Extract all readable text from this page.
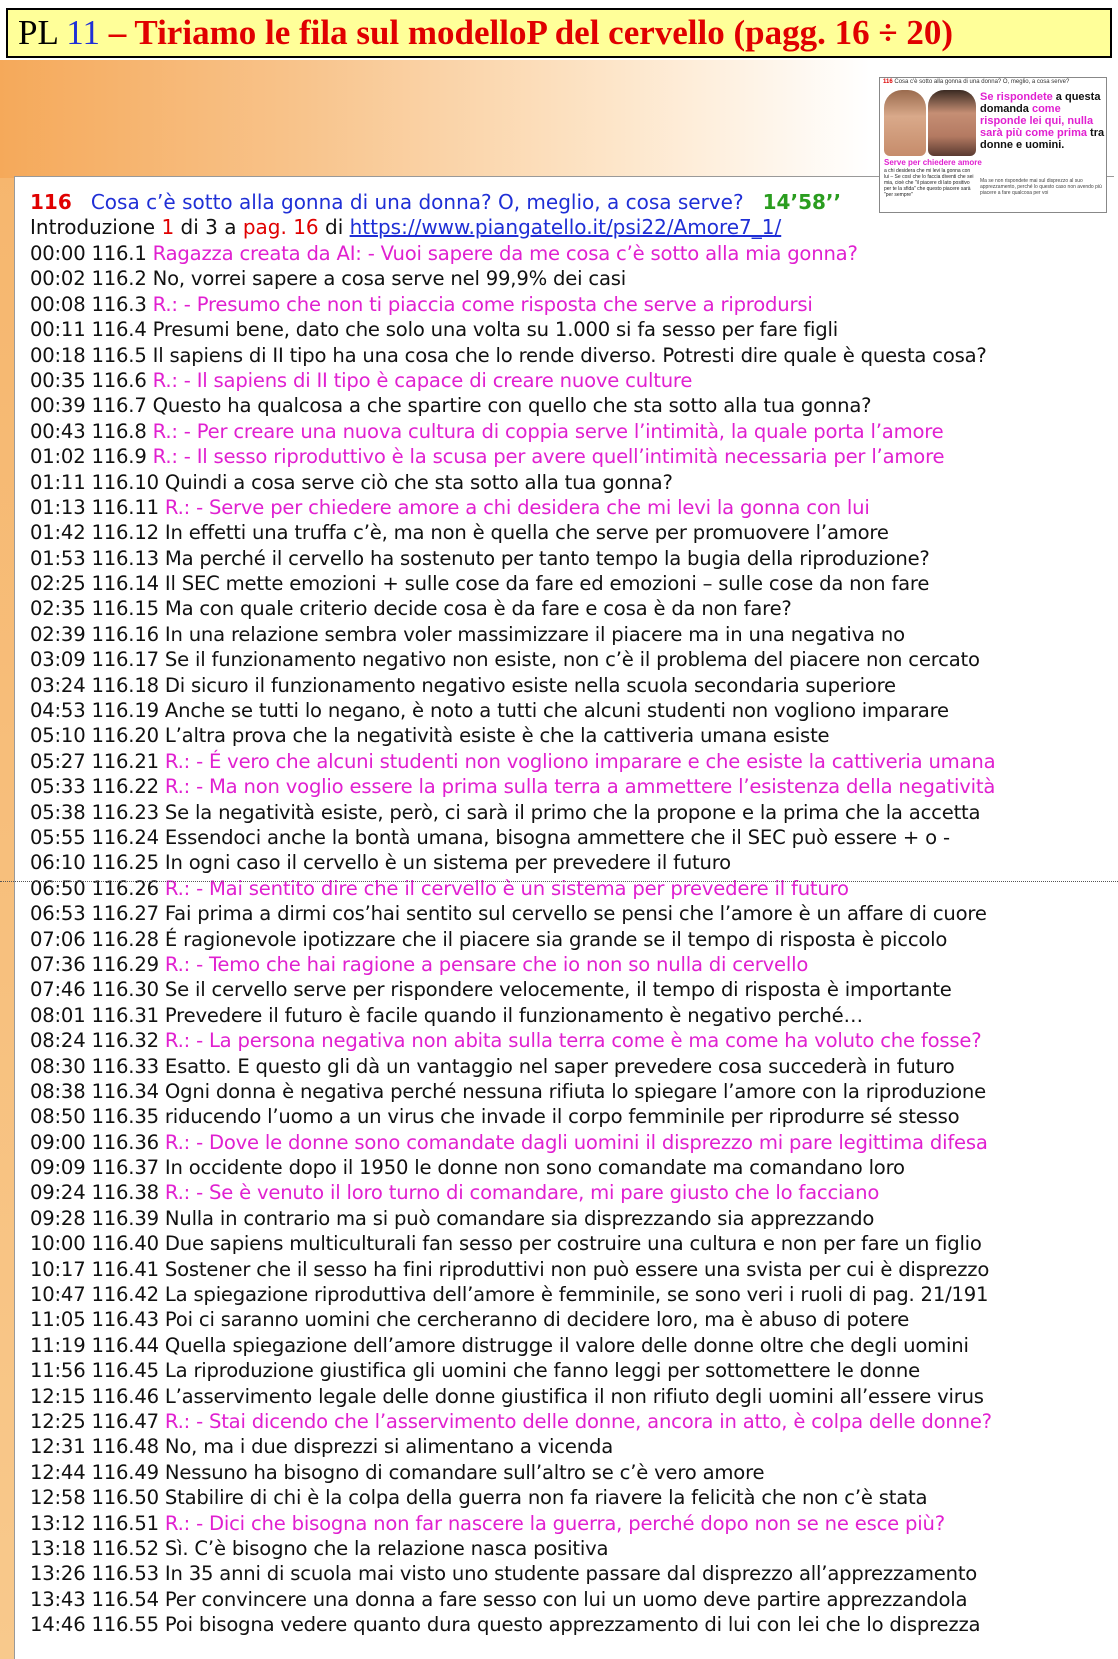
PL 11 – Tiriamo le fila sul modelloP del cervello (pagg. 16 ÷ 20)
116 Cosa c'è sotto alla gonna di una donna? O, meglio, a cosa serve?
Se rispondete a questa domanda come risponde lei qui, nulla sarà più come prima tra donne e uomini.
Serve per chiedere amore
a chi desidera che mi levi la gonna con lui – Se così che lo faccia diventi che sei mia, cioè che "il piacere di lato positivo per te la sfida" che questo piacere sarà "per sempre"
Ma se non rispondete mai sul disprezzo al suo apprezzamento, perché lo questo caso non avendo più piacere a fare qualcosa per voi
116 Cosa c’è sotto alla gonna di una donna? O, meglio, a cosa serve? 14’58’’
Introduzione 1 di 3 a pag. 16 di https://www.piangatello.it/psi22/Amore7_1/
00:00 116.1 Ragazza creata da AI: - Vuoi sapere da me cosa c’è sotto alla mia gonna?
00:02 116.2 No, vorrei sapere a cosa serve nel 99,9% dei casi
00:08 116.3 R.: - Presumo che non ti piaccia come risposta che serve a riprodursi
00:11 116.4 Presumi bene, dato che solo una volta su 1.000 si fa sesso per fare figli
00:18 116.5 Il sapiens di II tipo ha una cosa che lo rende diverso. Potresti dire quale è questa cosa?
00:35 116.6 R.: - Il sapiens di II tipo è capace di creare nuove culture
00:39 116.7 Questo ha qualcosa a che spartire con quello che sta sotto alla tua gonna?
00:43 116.8 R.: - Per creare una nuova cultura di coppia serve l’intimità, la quale porta l’amore
01:02 116.9 R.: - Il sesso riproduttivo è la scusa per avere quell’intimità necessaria per l’amore
01:11 116.10 Quindi a cosa serve ciò che sta sotto alla tua gonna?
01:13 116.11 R.: - Serve per chiedere amore a chi desidera che mi levi la gonna con lui
01:42 116.12 In effetti una truffa c’è, ma non è quella che serve per promuovere l’amore
01:53 116.13 Ma perché il cervello ha sostenuto per tanto tempo la bugia della riproduzione?
02:25 116.14 Il SEC mette emozioni + sulle cose da fare ed emozioni – sulle cose da non fare
02:35 116.15 Ma con quale criterio decide cosa è da fare e cosa è da non fare?
02:39 116.16 In una relazione sembra voler massimizzare il piacere ma in una negativa no
03:09 116.17 Se il funzionamento negativo non esiste, non c’è il problema del piacere non cercato
03:24 116.18 Di sicuro il funzionamento negativo esiste nella scuola secondaria superiore
04:53 116.19 Anche se tutti lo negano, è noto a tutti che alcuni studenti non vogliono imparare
05:10 116.20 L’altra prova che la negatività esiste è che la cattiveria umana esiste
05:27 116.21 R.: - É vero che alcuni studenti non vogliono imparare e che esiste la cattiveria umana
05:33 116.22 R.: - Ma non voglio essere la prima sulla terra a ammettere l’esistenza della negatività
05:38 116.23 Se la negatività esiste, però, ci sarà il primo che la propone e la prima che la accetta
05:55 116.24 Essendoci anche la bontà umana, bisogna ammettere che il SEC può essere + o -
06:10 116.25 In ogni caso il cervello è un sistema per prevedere il futuro
06:50 116.26 R.: - Mai sentito dire che il cervello è un sistema per prevedere il futuro
06:53 116.27 Fai prima a dirmi cos’hai sentito sul cervello se pensi che l’amore è un affare di cuore
07:06 116.28 É ragionevole ipotizzare che il piacere sia grande se il tempo di risposta è piccolo
07:36 116.29 R.: - Temo che hai ragione a pensare che io non so nulla di cervello
07:46 116.30 Se il cervello serve per rispondere velocemente, il tempo di risposta è importante
08:01 116.31 Prevedere il futuro è facile quando il funzionamento è negativo perché…
08:24 116.32 R.: - La persona negativa non abita sulla terra come è ma come ha voluto che fosse?
08:30 116.33 Esatto. E questo gli dà un vantaggio nel saper prevedere cosa succederà in futuro
08:38 116.34 Ogni donna è negativa perché nessuna rifiuta lo spiegare l’amore con la riproduzione
08:50 116.35 riducendo l’uomo a un virus che invade il corpo femminile per riprodurre sé stesso
09:00 116.36 R.: - Dove le donne sono comandate dagli uomini il disprezzo mi pare legittima difesa
09:09 116.37 In occidente dopo il 1950 le donne non sono comandate ma comandano loro
09:24 116.38 R.: - Se è venuto il loro turno di comandare, mi pare giusto che lo facciano
09:28 116.39 Nulla in contrario ma si può comandare sia disprezzando sia apprezzando
10:00 116.40 Due sapiens multiculturali fan sesso per costruire una cultura e non per fare un figlio
10:17 116.41 Sostener che il sesso ha fini riproduttivi non può essere una svista per cui è disprezzo
10:47 116.42 La spiegazione riproduttiva dell’amore è femminile, se sono veri i ruoli di pag. 21/191
11:05 116.43 Poi ci saranno uomini che cercheranno di decidere loro, ma è abuso di potere
11:19 116.44 Quella spiegazione dell’amore distrugge il valore delle donne oltre che degli uomini
11:56 116.45 La riproduzione giustifica gli uomini che fanno leggi per sottomettere le donne
12:15 116.46 L’asservimento legale delle donne giustifica il non rifiuto degli uomini all’essere virus
12:25 116.47 R.: - Stai dicendo che l’asservimento delle donne, ancora in atto, è colpa delle donne?
12:31 116.48 No, ma i due disprezzi si alimentano a vicenda
12:44 116.49 Nessuno ha bisogno di comandare sull’altro se c’è vero amore
12:58 116.50 Stabilire di chi è la colpa della guerra non fa riavere la felicità che non c’è stata
13:12 116.51 R.: - Dici che bisogna non far nascere la guerra, perché dopo non se ne esce più?
13:18 116.52 Sì. C’è bisogno che la relazione nasca positiva
13:26 116.53 In 35 anni di scuola mai visto uno studente passare dal disprezzo all’apprezzamento
13:43 116.54 Per convincere una donna a fare sesso con lui un uomo deve partire apprezzandola
14:46 116.55 Poi bisogna vedere quanto dura questo apprezzamento di lui con lei che lo disprezza
